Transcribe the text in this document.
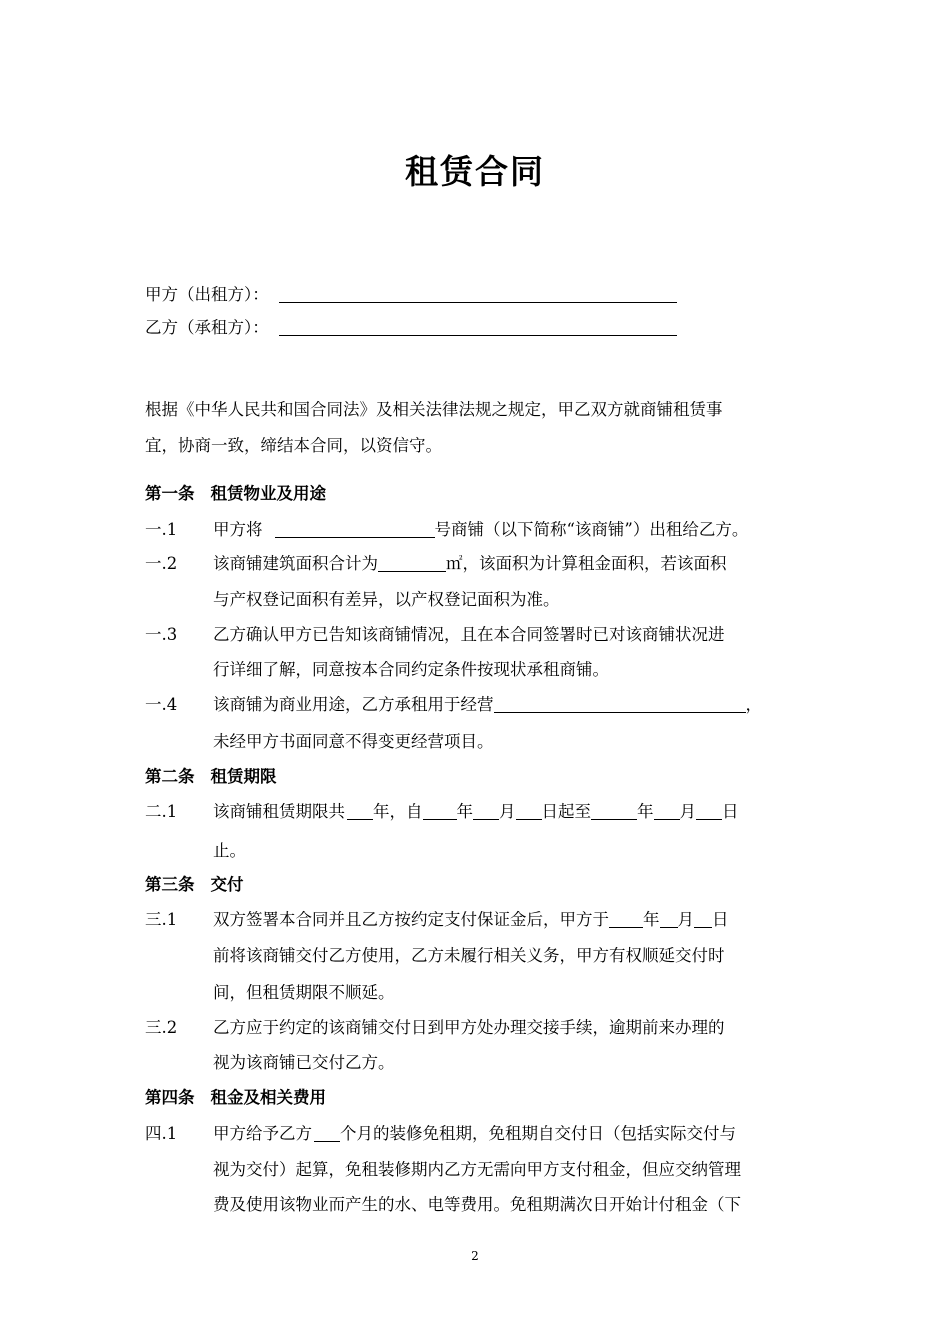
租赁合同
甲方（出租方）：
乙方（承租方）：
根据《中华人民共和国合同法》及相关法律法规之规定，甲乙双方就商铺租赁事
宜，协商一致，缔结本合同，以资信守。
第一条 租赁物业及用途
一.1 甲方将	号商铺（以下简称“该商铺”）出租给乙方。
一.2 该商铺建筑面积合计为	㎡，该面积为计算租金面积，若该面积
与产权登记面积有差异，以产权登记面积为准。
一.3 乙方确认甲方已告知该商铺情况，且在本合同签署时已对该商铺状况进
行详细了解，同意按本合同约定条件按现状承租商铺。
一.4 该商铺为商业用途，乙方承租用于经营	，
未经甲方书面同意不得变更经营项目。
第二条 租赁期限
二.1 该商铺租赁期限共 年，自 年 月 日起至	年 月 日
止。
第三条 交付
三.1 双方签署本合同并且乙方按约定支付保证金后，甲方于 年 月 日
前将该商铺交付乙方使用，乙方未履行相关义务，甲方有权顺延交付时
间，但租赁期限不顺延。
三.2 乙方应于约定的该商铺交付日到甲方处办理交接手续，逾期前来办理的
视为该商铺已交付乙方。
第四条 租金及相关费用
四.1 甲方给予乙方 个月的装修免租期，免租期自交付日（包括实际交付与
视为交付）起算，免租装修期内乙方无需向甲方支付租金，但应交纳管理
费及使用该物业而产生的水、电等费用。免租期满次日开始计付租金（下
2
